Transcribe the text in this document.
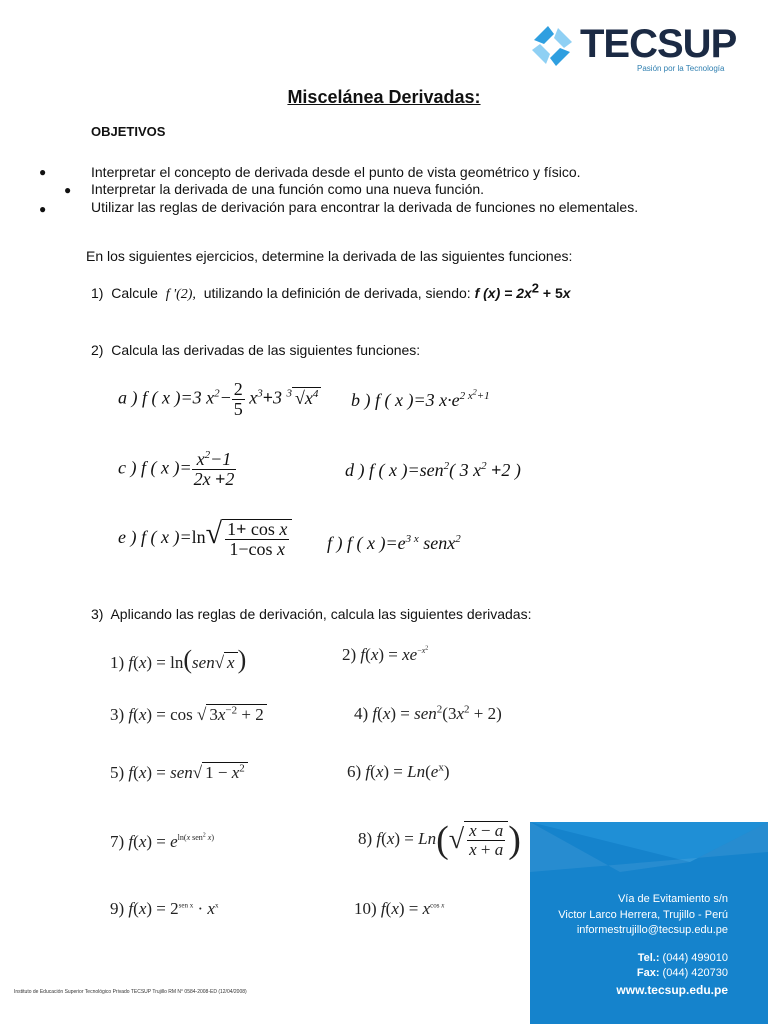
TECSUP
Pasión por la Tecnología
Miscelánea Derivadas:
OBJETIVOS
●	Interpretar el concepto de derivada desde el punto de vista geométrico y físico.
● Interpretar la derivada de una función como una nueva función.
●	Utilizar las reglas de derivación para encontrar la derivada de funciones no elementales.
En los siguientes ejercicios, determine la derivada de las siguientes funciones:
1) Calcule f '(2), utilizando la definición de derivada, siendo: f $(x) = 2x^2 + 5x$
2) Calcula las derivadas de las siguientes funciones:
a ) f ( x )=3 $x^2- \frac{2}{5} x^3+3$ $^3$ $√x^4$ b ) f ( x )=3 $x\cdot e^{2 x^2+1}$
c ) f ( x )= $\frac{x^2-1}{2x +2}$	d ) f ( x )=sen$^2$( 3 $x^2 +2$ )
e ) f ( x )$=\ln√ \frac{\text{1+ cos x}}{\text{1−cos x}}$ f ) f ( x )$=e^{3 x}$ senx$^2$
3) Aplicando las reglas de derivación, calcula las siguientes derivadas:
1) f(x) = ln(sen√ x )	2) $f(x) = xe^{-x^2}$
3) f(x) = cos √ $3x^{-2} + 2$	4) $f(x) = sen^2(3x^2 + 2)$
5) f(x) = sen√ $1 - x^2$	6) $f(x) = Ln(e^x)$
7) $f(x) = e^{ln(x sen^2 x)}$	8) $f(x) = Ln(√ \frac{x - a}{x + a}$ )
9) $f(x) = 2^{sen x} \cdot x^x$	10) $f(x) = x^{cos x}$
Vía de Evitamiento s/n
Victor Larco Herrera, Trujillo - Perú
informestrujillo@tecsup.edu.pe
Tel.: (044) 499010
Fax: (044) 420730
www.tecsup.edu.pe
Instituto de Educación Superior Tecnológico Privado TECSUP Trujillo RM N° 0584-2008-ED (12/04/2008)
